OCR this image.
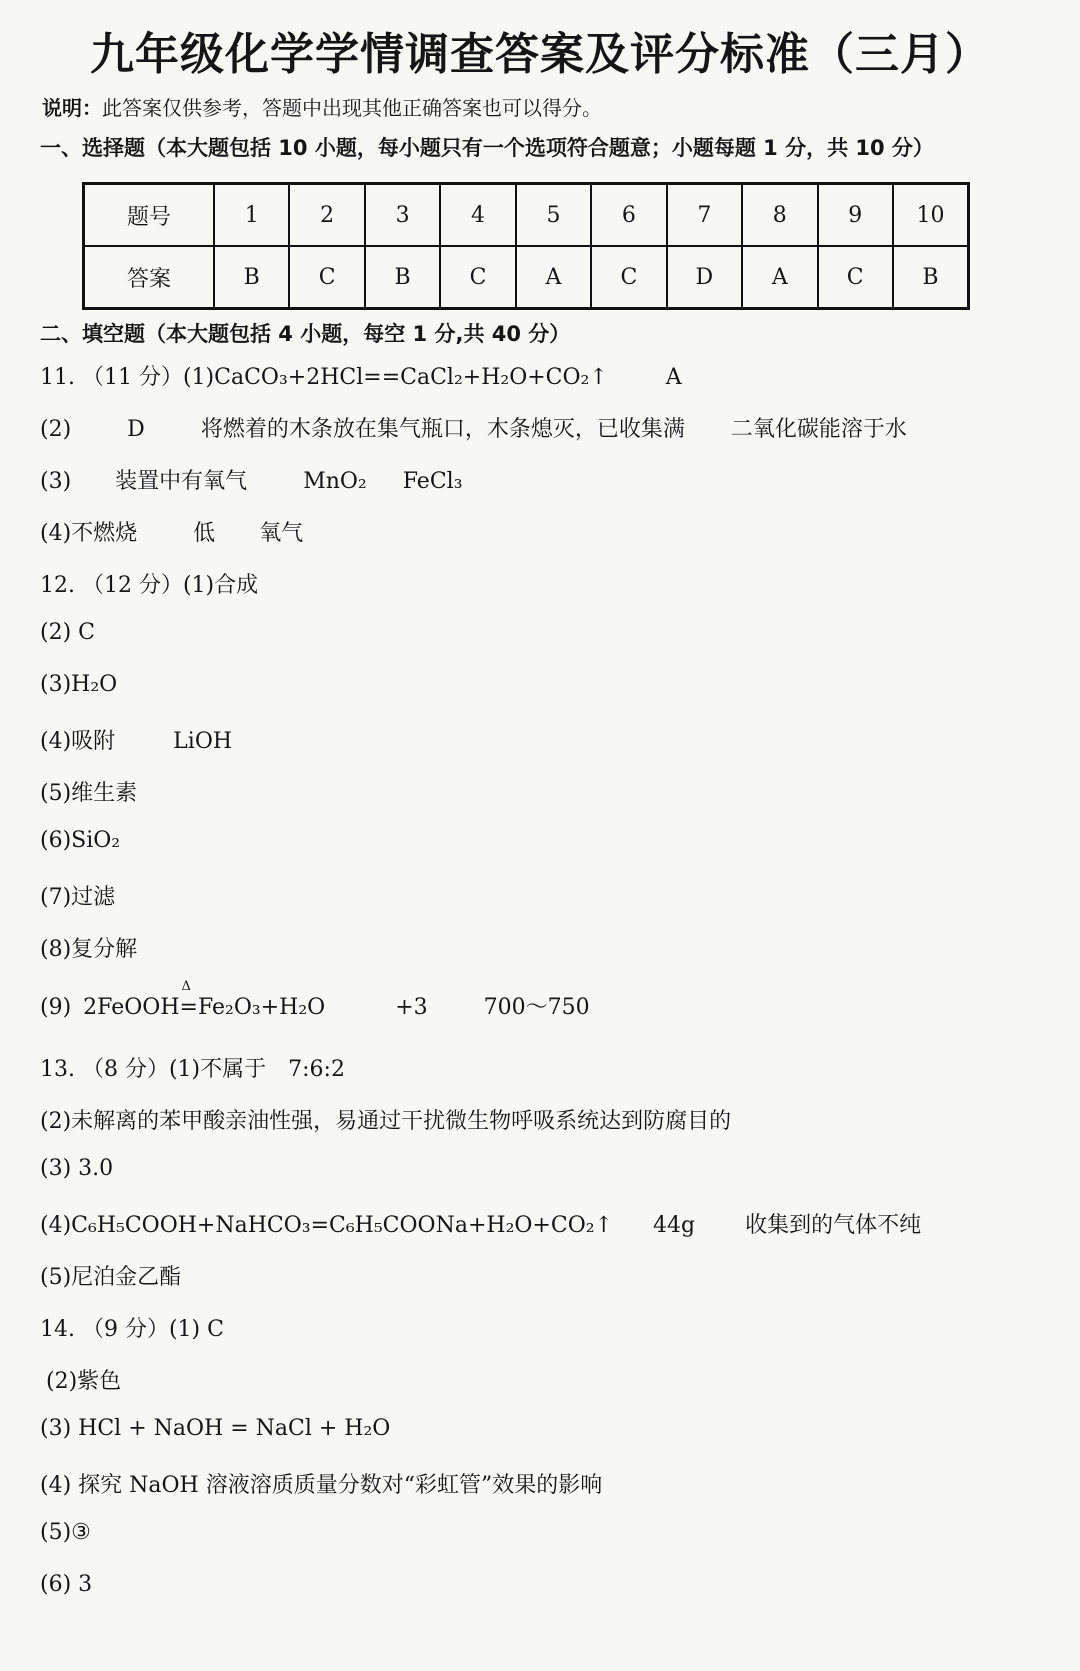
九年级化学学情调查答案及评分标准（三月）
说明：此答案仅供参考，答题中出现其他正确答案也可以得分。
一、选择题（本大题包括 10 小题，每小题只有一个选项符合题意；小题每题 1 分，共 10 分）
题号	1	2	3	4	5	6	7	8	9	10
答案	B	C	B	C	A	C	D	A	C	B
二、填空题（本大题包括 4 小题，每空 1 分,共 40 分）
11. （11 分）(1)CaCO₃+2HCl==CaCl₂+H₂O+CO₂↑	A
(2)	D	将燃着的木条放在集气瓶口，木条熄灭，已收集满 二氧化碳能溶于水
(3) 装置中有氧气	MnO₂ FeCl₃
(4)不燃烧	低 氧气
12. （12 分）(1)合成
(2) C
(3)H₂O
(4)吸附	LiOH
(5)维生素
(6)SiO₂
(7)过滤
(8)复分解
(9) 2FeOOH
Δ
=Fe₂O₃+H₂O	+3	700～750
13. （8 分）(1)不属于 7:6:2
(2)未解离的苯甲酸亲油性强，易通过干扰微生物呼吸系统达到防腐目的
(3) 3.0
(4)C₆H₅COOH+NaHCO₃=C₆H₅COONa+H₂O+CO₂↑ 44g 收集到的气体不纯
(5)尼泊金乙酯
14. （9 分）(1) C
(2)紫色
(3) HCl + NaOH = NaCl + H₂O
(4) 探究 NaOH 溶液溶质质量分数对“彩虹管”效果的影响
(5)③
(6) 3
